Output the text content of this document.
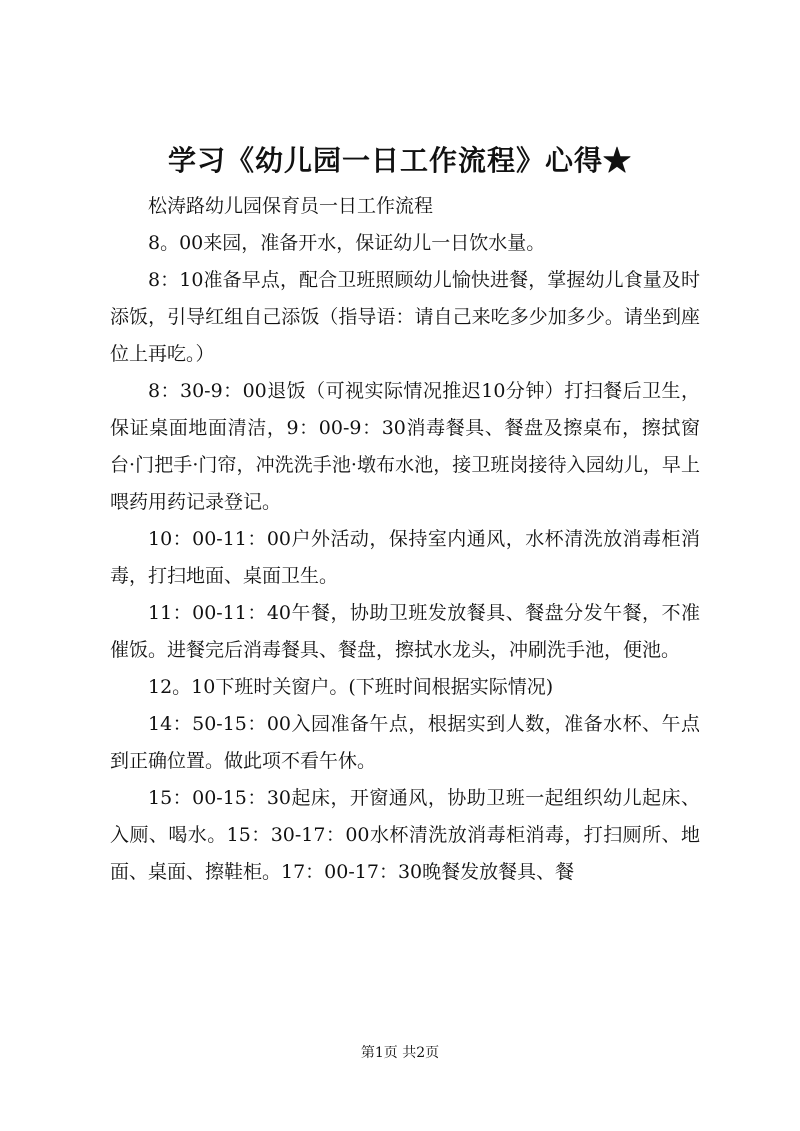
学习《幼儿园一日工作流程》心得★

松涛路幼儿园保育员一日工作流程

8。00来园，准备开水，保证幼儿一日饮水量。

8：10准备早点，配合卫班照顾幼儿愉快进餐，掌握幼儿食量及时添饭，引导红组自己添饭（指导语：请自己来吃多少加多少。请坐到座位上再吃。）

8：30-9：00退饭（可视实际情况推迟10分钟）打扫餐后卫生，保证桌面地面清洁，9：00-9：30消毒餐具、餐盘及擦桌布，擦拭窗台·门把手·门帘，冲洗洗手池·墩布水池，接卫班岗接待入园幼儿，早上喂药用药记录登记。

10：00-11：00户外活动，保持室内通风，水杯清洗放消毒柜消毒，打扫地面、桌面卫生。

11：00-11：40午餐，协助卫班发放餐具、餐盘分发午餐，不准催饭。进餐完后消毒餐具、餐盘，擦拭水龙头，冲刷洗手池，便池。

12。10下班时关窗户。(下班时间根据实际情况)

14：50-15：00入园准备午点，根据实到人数，准备水杯、午点到正确位置。做此项不看午休。

15：00-15：30起床，开窗通风，协助卫班一起组织幼儿起床、入厕、喝水。15：30-17：00水杯清洗放消毒柜消毒，打扫厕所、地面、桌面、擦鞋柜。17：00-17：30晚餐发放餐具、餐

第1页 共2页
